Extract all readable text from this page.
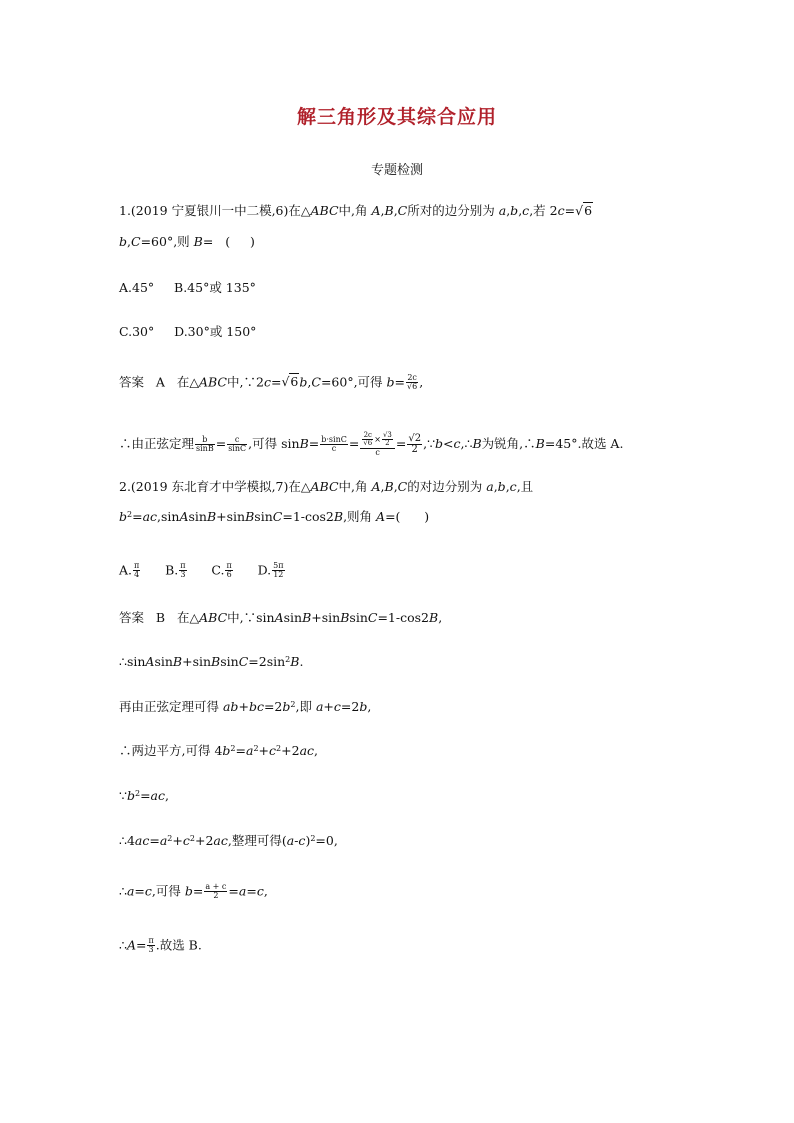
解三角形及其综合应用
专题检测
1.(2019 宁夏银川一中二模,6)在△ABC中,角 A,B,C所对的边分别为 a,b,c,若 2c=√6
b,C=60°,则 B=   (     )
A.45°     B.45°或 135°
C.30°     D.30°或 150°
答案   A   在△ABC中,∵2c=√6b,C=60°,可得 $b= \frac{2c}{√6}$ ,
∴由正弦定理 $\frac{b}{\sin B} = \frac{c}{\sin C}$ ,可得 $\sin B= \frac{b\cdot\sin C}{c} = \frac{\frac{2c}{√6} \times \frac{√3}{2}}{c} = \frac{√2}{2}$ ,∵b<c,∴B为锐角,∴B=45°.故选 A.
2.(2019 东北育才中学模拟,7)在△ABC中,角 A,B,C的对边分别为 a,b,c,且
$b^2=ac,sinAsinB+sinBsinC=1-\cos 2B$,则角 A=(      )
A. $\frac{\pi}{4} B$. $\frac{\pi}{3} C$. $\frac{\pi}{6} D$. $\frac{5\pi}{12}$
答案   B   在△ABC中,∵sinAsinB+sinBsinC=1-cos2B,
$\therefore sinAsinB+sinBsinC=2\sin^2B$.
再由正弦定理可得 $ab+bc=2b^2$,即 a+c=2b,
∴两边平方,可得 $4b^2=a^2+c^2+2ac$,
$\because b^2=ac$,
$\therefore 4ac=a^2+c^2+2ac$,整理可得$(a-c)^2=0$,
∴a=c,可得 $b= \frac{a + c}{2} =a=c$,
∴A= $\frac{\pi}{3}$ .故选 B.
